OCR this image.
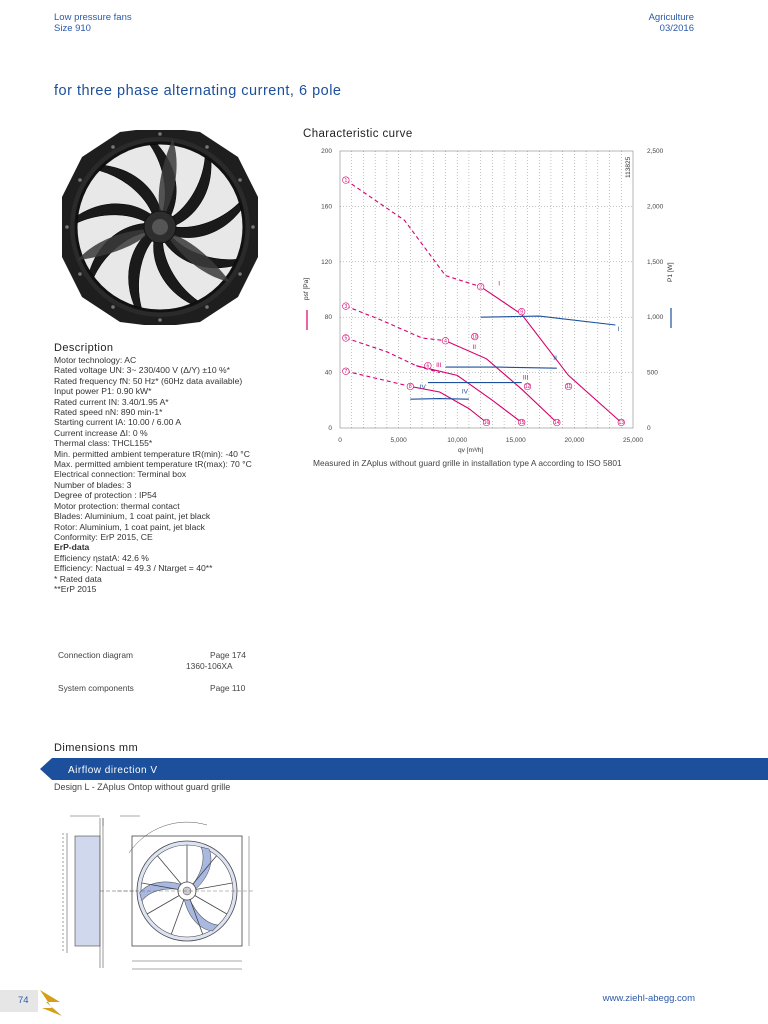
Low pressure fans
Size 910
Agriculture
03/2016
for three phase alternating current, 6 pole
Characteristic curve
1
2
3
4
5
6
7
8
9
10
11
12
13
14
15
16
I
II
III
IV
I
II
III
IV
0	5,000	10,000	15,000	20,000	25,000
200
160
120
80
40
0
2,500
2,000
1,500
1,000
500
0
qv [m³/h]
psf [Pa]
P1 [W]
113825
Measured in ZAplus without guard grille in installation type A according to ISO 5801
Description
Motor technology: AC
Rated voltage UN: 3~ 230/400 V (Δ/Y) ±10 %*
Rated frequency fN: 50 Hz* (60Hz data available)
Input power P1: 0.90 kW*
Rated current IN: 3.40/1.95 A*
Rated speed nN: 890 min-1*
Starting current IA: 10.00 / 6.00 A
Current increase ΔI: 0 %
Thermal class: THCL155*
Min. permitted ambient temperature tR(min): -40 °C
Max. permitted ambient temperature tR(max): 70 °C
Electrical connection: Terminal box
Number of blades: 3
Degree of protection : IP54
Motor protection: thermal contact
Blades: Aluminium, 1 coat paint, jet black
Rotor: Aluminium, 1 coat paint, jet black
Conformity: ErP 2015, CE
ErP-data
Efficiency ηstatA: 42.6 %
Efficiency: Nactual = 49.3 / Ntarget = 40**
* Rated data
**ErP 2015
Connection diagram	Page 174
1360-106XA
System components	Page 110
Dimensions mm
Airflow direction V
Design L - ZAplus Ontop without guard grille
74	www.ziehl-abegg.com
